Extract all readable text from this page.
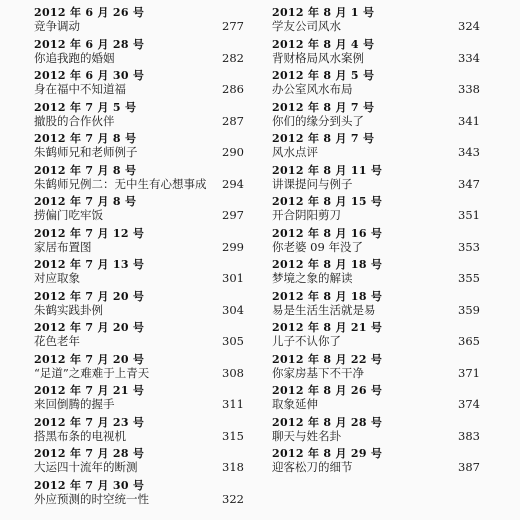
2012 年 6 月 26 号
竞争调动	277
2012 年 6 月 28 号
你追我跑的婚姻	282
2012 年 6 月 30 号
身在福中不知道福	286
2012 年 7 月 5 号
撤股的合作伙伴	287
2012 年 7 月 8 号
朱鹤师兄和老师例子	290
2012 年 7 月 8 号
朱鹤师兄例二：无中生有心想事成	294
2012 年 7 月 8 号
捞偏门吃牢饭	297
2012 年 7 月 12 号
家居布置图	299
2012 年 7 月 13 号
对应取象	301
2012 年 7 月 20 号
朱鹤实践卦例	304
2012 年 7 月 20 号
花色老年	305
2012 年 7 月 20 号
“足道”之难难于上青天	308
2012 年 7 月 21 号
来回倒腾的握手	311
2012 年 7 月 23 号
搭黑布条的电视机	315
2012 年 7 月 28 号
大运四十流年的断测	318
2012 年 7 月 30 号
外应预测的时空统一性	322
2012 年 8 月 1 号
学友公司风水	324
2012 年 8 月 4 号
背财格局风水案例	334
2012 年 8 月 5 号
办公室风水布局	338
2012 年 8 月 7 号
你们的缘分到头了	341
2012 年 8 月 7 号
风水点评	343
2012 年 8 月 11 号
讲课提问与例子	347
2012 年 8 月 15 号
开合阴阳剪刀	351
2012 年 8 月 16 号
你老婆 09 年没了	353
2012 年 8 月 18 号
梦境之象的解读	355
2012 年 8 月 18 号
易是生活生活就是易	359
2012 年 8 月 21 号
儿子不认你了	365
2012 年 8 月 22 号
你家房基下不干净	371
2012 年 8 月 26 号
取象延伸	374
2012 年 8 月 28 号
聊天与姓名卦	383
2012 年 8 月 29 号
迎客松刀的细节	387
